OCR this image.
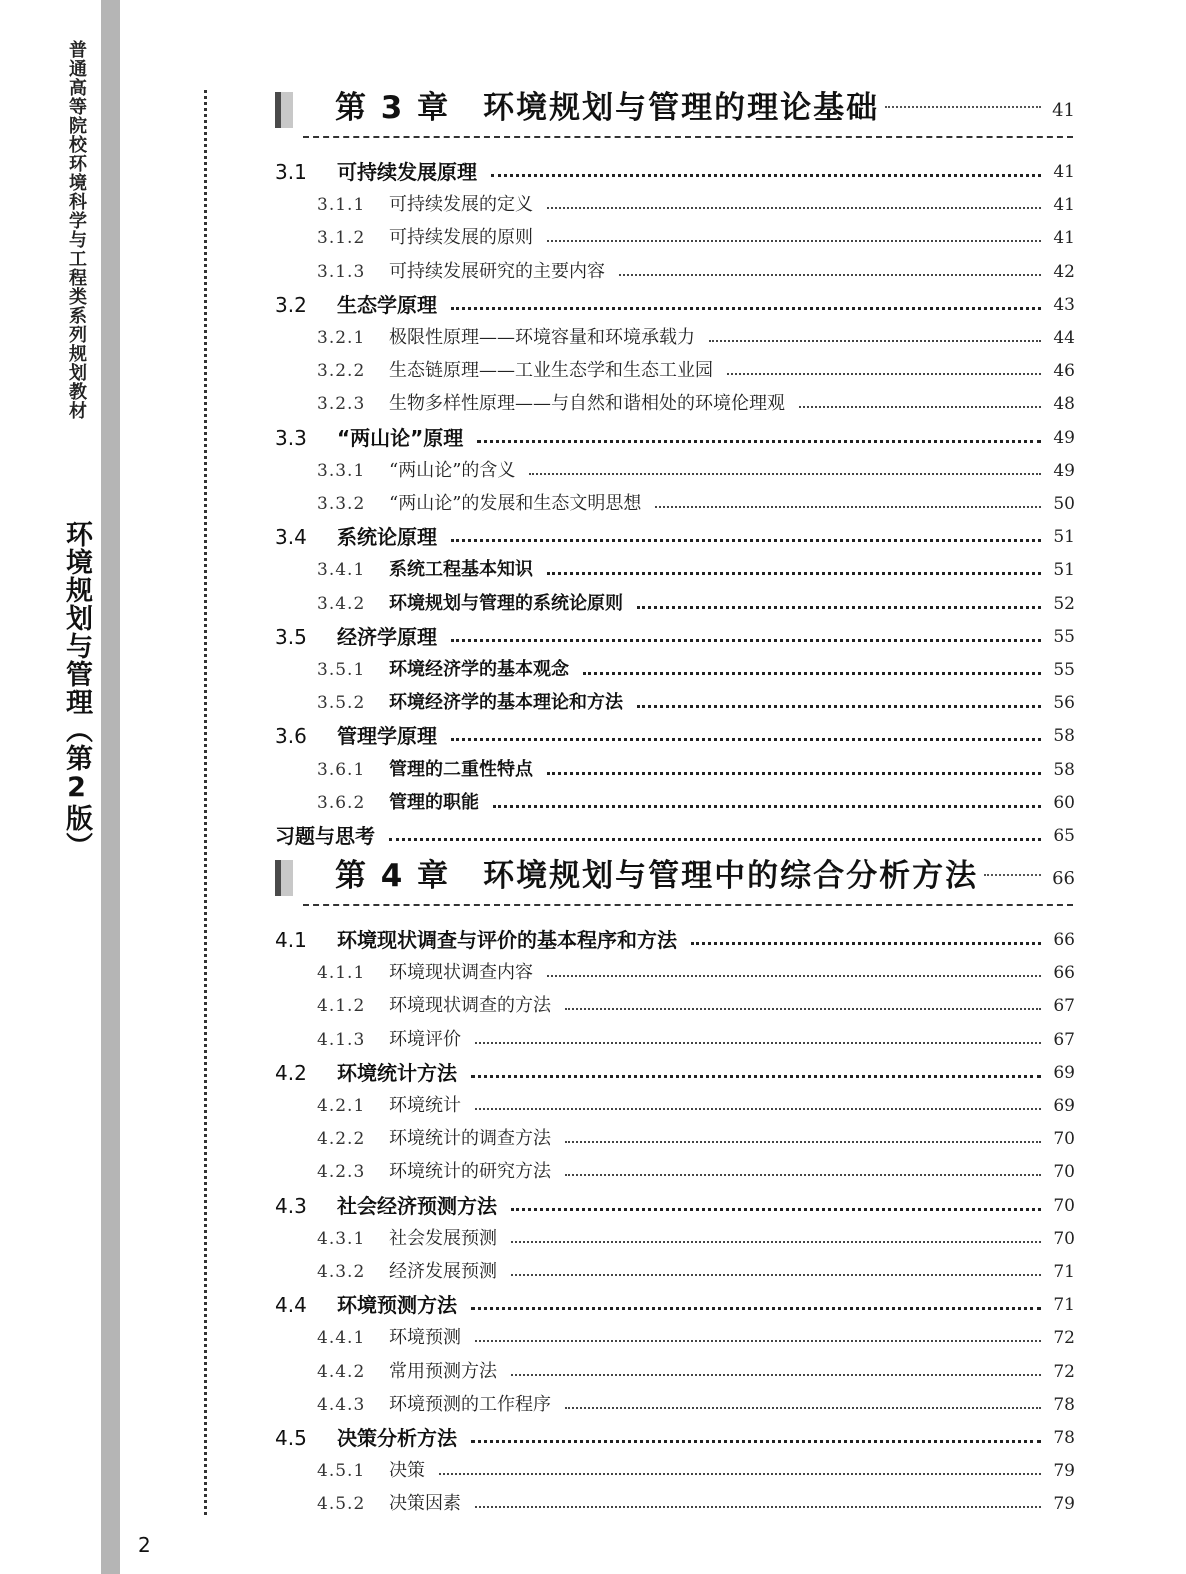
普通高等院校环境科学与工程类系列规划教材
环境规划与管理（第2版）
2
第 3 章　环境规划与管理的理论基础	41
3.1 可持续发展原理	41
3.1.1 可持续发展的定义	41
3.1.2 可持续发展的原则	41
3.1.3 可持续发展研究的主要内容	42
3.2 生态学原理	43
3.2.1 极限性原理——环境容量和环境承载力	44
3.2.2 生态链原理——工业生态学和生态工业园	46
3.2.3 生物多样性原理——与自然和谐相处的环境伦理观	48
3.3 “两山论”原理	49
3.3.1 “两山论”的含义	49
3.3.2 “两山论”的发展和生态文明思想	50
3.4 系统论原理	51
3.4.1 系统工程基本知识	51
3.4.2 环境规划与管理的系统论原则	52
3.5 经济学原理	55
3.5.1 环境经济学的基本观念	55
3.5.2 环境经济学的基本理论和方法	56
3.6 管理学原理	58
3.6.1 管理的二重性特点	58
3.6.2 管理的职能	60
习题与思考	65
第 4 章　环境规划与管理中的综合分析方法	66
4.1 环境现状调查与评价的基本程序和方法	66
4.1.1 环境现状调查内容	66
4.1.2 环境现状调查的方法	67
4.1.3 环境评价	67
4.2 环境统计方法	69
4.2.1 环境统计	69
4.2.2 环境统计的调查方法	70
4.2.3 环境统计的研究方法	70
4.3 社会经济预测方法	70
4.3.1 社会发展预测	70
4.3.2 经济发展预测	71
4.4 环境预测方法	71
4.4.1 环境预测	72
4.4.2 常用预测方法	72
4.4.3 环境预测的工作程序	78
4.5 决策分析方法	78
4.5.1 决策	79
4.5.2 决策因素	79
